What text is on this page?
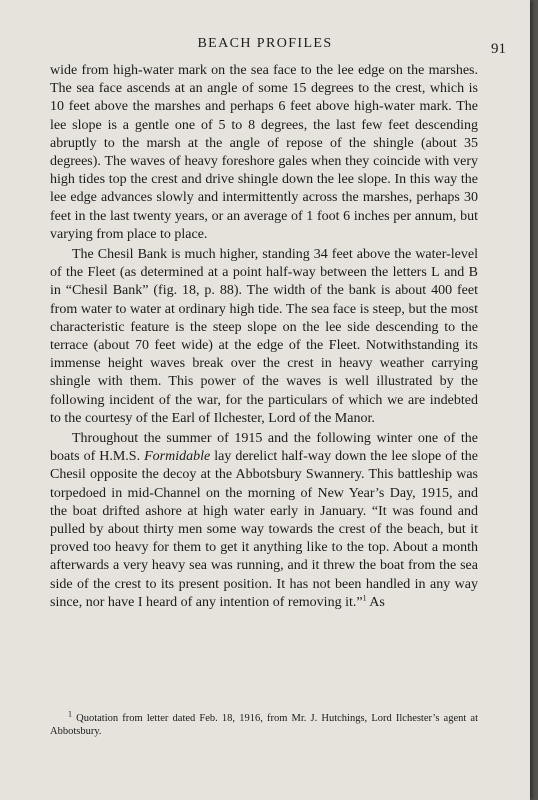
BEACH PROFILES	91

wide from high-water mark on the sea face to the lee edge on the marshes. The sea face ascends at an angle of some 15 degrees to the crest, which is 10 feet above the marshes and perhaps 6 feet above high-water mark. The lee slope is a gentle one of 5 to 8 degrees, the last few feet descending abruptly to the marsh at the angle of repose of the shingle (about 35 degrees). The waves of heavy foreshore gales when they coincide with very high tides top the crest and drive shingle down the lee slope. In this way the lee edge advances slowly and intermittently across the marshes, perhaps 30 feet in the last twenty years, or an average of 1 foot 6 inches per annum, but varying from place to place.

The Chesil Bank is much higher, standing 34 feet above the water-level of the Fleet (as determined at a point half-way between the letters L and B in “Chesil Bank” (fig. 18, p. 88). The width of the bank is about 400 feet from water to water at ordinary high tide. The sea face is steep, but the most characteristic feature is the steep slope on the lee side descending to the terrace (about 70 feet wide) at the edge of the Fleet. Notwithstanding its immense height waves break over the crest in heavy weather carrying shingle with them. This power of the waves is well illustrated by the following incident of the war, for the particulars of which we are indebted to the courtesy of the Earl of Ilchester, Lord of the Manor.

Throughout the summer of 1915 and the following winter one of the boats of H.M.S. Formidable lay derelict half-way down the lee slope of the Chesil opposite the decoy at the Abbotsbury Swannery. This battleship was torpedoed in mid-Channel on the morning of New Year’s Day, 1915, and the boat drifted ashore at high water early in January. “It was found and pulled by about thirty men some way towards the crest of the beach, but it proved too heavy for them to get it anything like to the top. About a month afterwards a very heavy sea was running, and it threw the boat from the sea side of the crest to its present position. It has not been handled in any way since, nor have I heard of any intention of removing it.”$^1$ As

$^1$ Quotation from letter dated Feb. 18, 1916, from Mr. J. Hutchings, Lord Ilchester’s agent at Abbotsbury.
